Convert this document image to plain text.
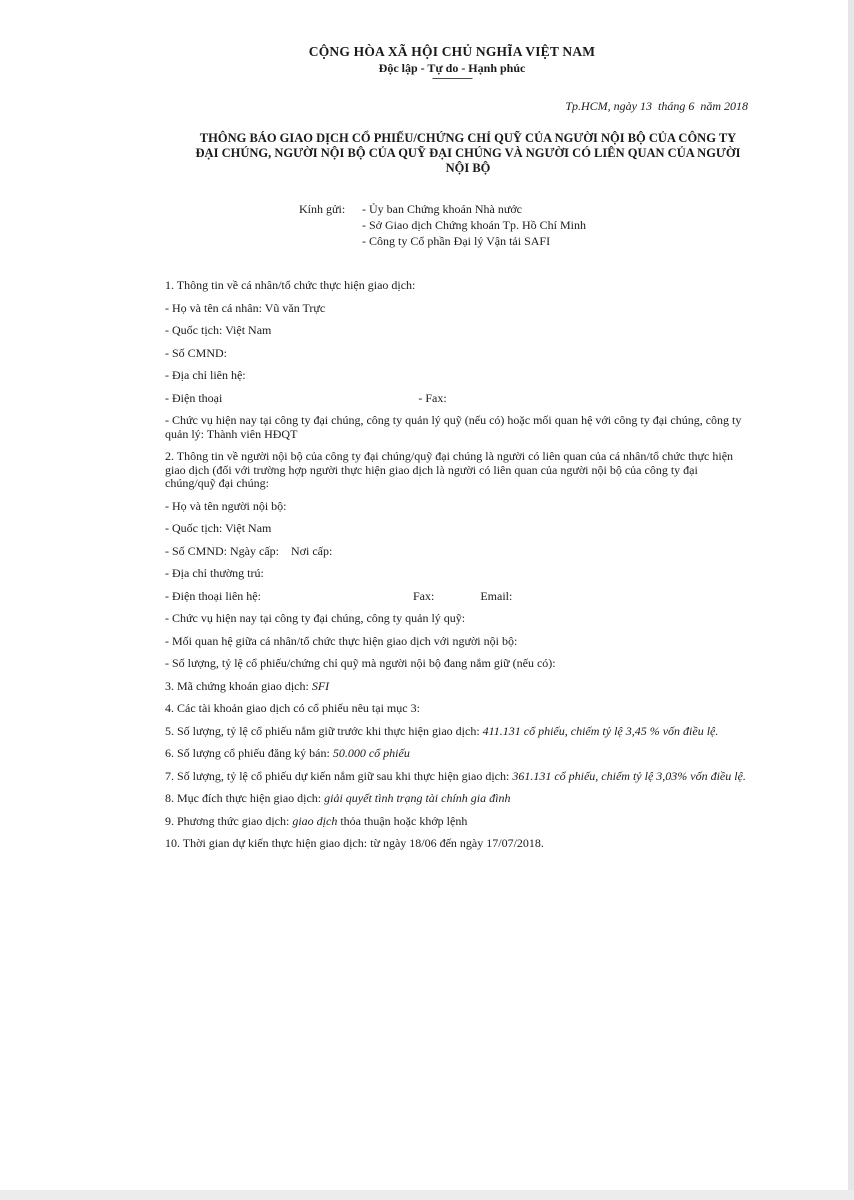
CỘNG HÒA XÃ HỘI CHỦ NGHĨA VIỆT NAM
Độc lập - Tự do - Hạnh phúc
---------------
Tp.HCM, ngày 13 tháng 6 năm 2018
THÔNG BÁO GIAO DỊCH CỔ PHIẾU/CHỨNG CHỈ QUỸ CỦA NGƯỜI NỘI BỘ CỦA CÔNG TY
ĐẠI CHÚNG, NGƯỜI NỘI BỘ CỦA QUỸ ĐẠI CHÚNG VÀ NGƯỜI CÓ LIÊN QUAN CỦA NGƯỜI
NỘI BỘ
Kính gửi: - Ủy ban Chứng khoán Nhà nước
- Sở Giao dịch Chứng khoán Tp. Hồ Chí Minh
- Công ty Cổ phần Đại lý Vận tải SAFI
1. Thông tin về cá nhân/tổ chức thực hiện giao dịch:
- Họ và tên cá nhân: Vũ văn Trực
- Quốc tịch: Việt Nam
- Số CMND:
- Địa chỉ liên hệ:
- Điện thoại	- Fax:
- Chức vụ hiện nay tại công ty đại chúng, công ty quản lý quỹ (nếu có) hoặc mối quan hệ với công ty đại chúng, công ty quản lý: Thành viên HĐQT
2. Thông tin về người nội bộ của công ty đại chúng/quỹ đại chúng là người có liên quan của cá nhân/tổ chức thực hiện giao dịch (đối với trường hợp người thực hiện giao dịch là người có liên quan của người nội bộ của công ty đại chúng/quỹ đại chúng:
- Họ và tên người nội bộ:
- Quốc tịch: Việt Nam
- Số CMND: Ngày cấp: Nơi cấp:
- Địa chỉ thường trú:
- Điện thoại liên hệ:	Fax:	Email:
- Chức vụ hiện nay tại công ty đại chúng, công ty quản lý quỹ:
- Mối quan hệ giữa cá nhân/tổ chức thực hiện giao dịch với người nội bộ:
- Số lượng, tỷ lệ cổ phiếu/chứng chỉ quỹ mà người nội bộ đang nắm giữ (nếu có):
3. Mã chứng khoán giao dịch: SFI
4. Các tài khoản giao dịch có cổ phiếu nêu tại mục 3:
5. Số lượng, tỷ lệ cổ phiếu nắm giữ trước khi thực hiện giao dịch: 411.131 cổ phiếu, chiếm tỷ lệ 3,45 % vốn điều lệ.
6. Số lượng cổ phiếu đăng ký bán: 50.000 cổ phiếu
7. Số lượng, tỷ lệ cổ phiếu dự kiến nắm giữ sau khi thực hiện giao dịch: 361.131 cổ phiếu, chiếm tỷ lệ 3,03% vốn điều lệ.
8. Mục đích thực hiện giao dịch: giải quyết tình trạng tài chính gia đình
9. Phương thức giao dịch: giao dịch thỏa thuận hoặc khớp lệnh
10. Thời gian dự kiến thực hiện giao dịch: từ ngày 18/06 đến ngày 17/07/2018.
